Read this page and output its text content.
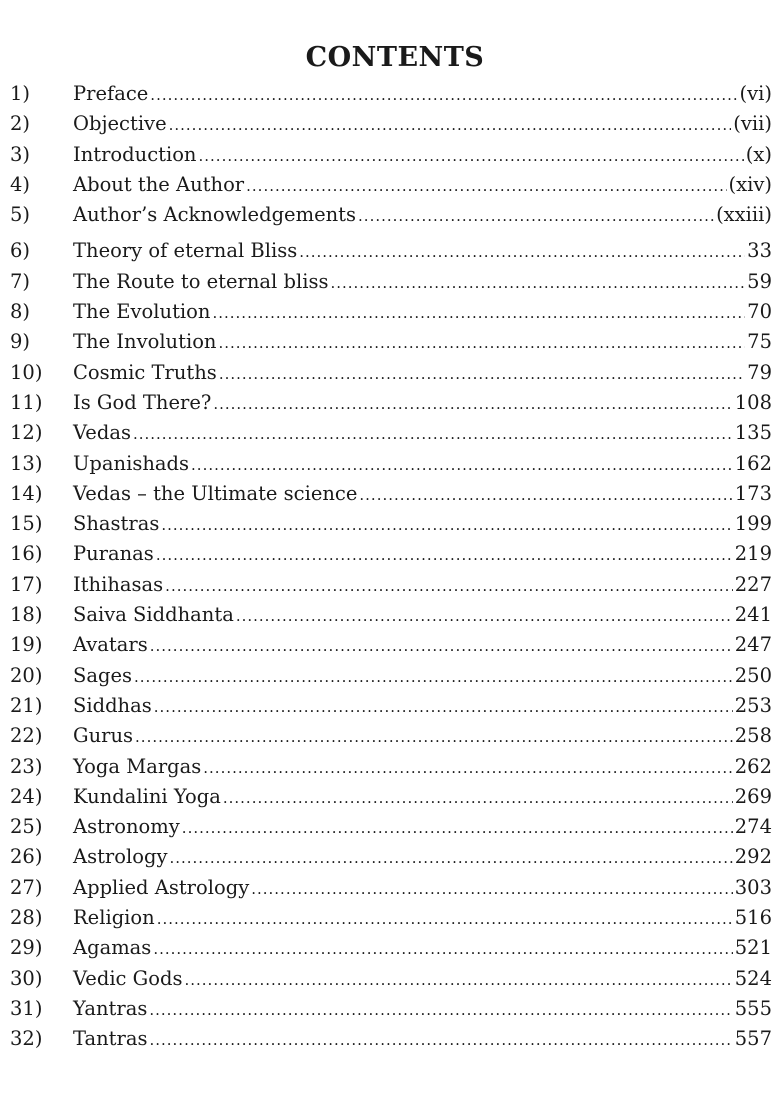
CONTENTS
1)	Preface .....	(vi)
2)	Objective .....	(vii)
3)	Introduction .....	(x)
4)	About the Author .....	(xiv)
5)	Author’s Acknowledgements .....	(xxiii)
6)	Theory of eternal Bliss .....	33
7)	The Route to eternal bliss .....	59
8)	The Evolution .....	70
9)	The Involution .....	75
10)	Cosmic Truths .....	79
11)	Is God There? .....	108
12)	Vedas .....	135
13)	Upanishads .....	162
14)	Vedas – the Ultimate science .....	173
15)	Shastras .....	199
16)	Puranas .....	219
17)	Ithihasas .....	227
18)	Saiva Siddhanta .....	241
19)	Avatars .....	247
20)	Sages .....	250
21)	Siddhas .....	253
22)	Gurus .....	258
23)	Yoga Margas .....	262
24)	Kundalini Yoga .....	269
25)	Astronomy .....	274
26)	Astrology .....	292
27)	Applied Astrology .....	303
28)	Religion .....	516
29)	Agamas .....	521
30)	Vedic Gods .....	524
31)	Yantras .....	555
32)	Tantras .....	557
